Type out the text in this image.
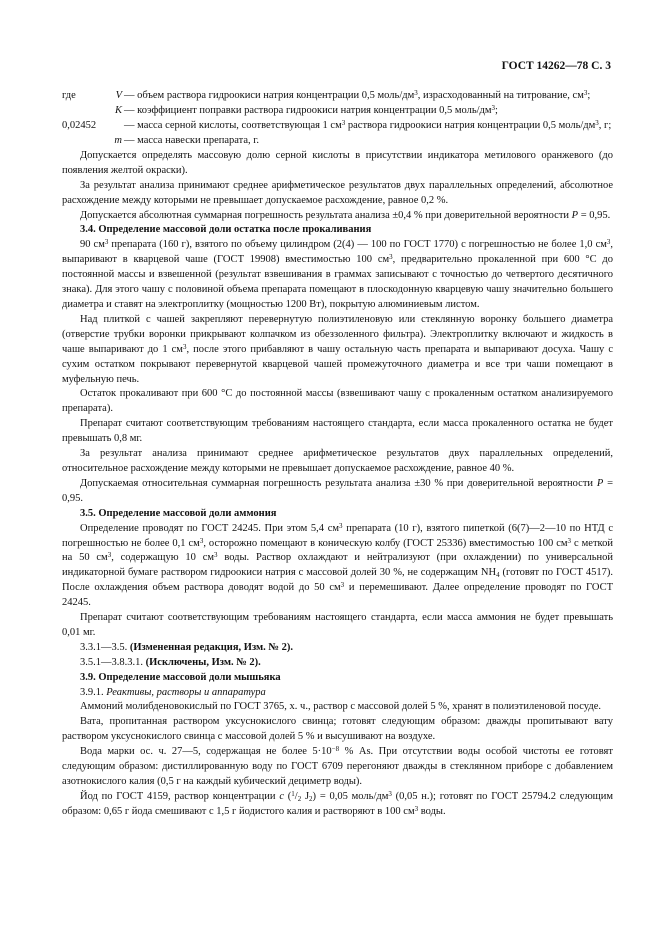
ГОСТ 14262—78 С. 3
где	V	— объем раствора гидроокиси натрия концентрации 0,5 моль/$дм^3$, израсходованный на титрование, $см^3$;
	K	— коэффициент поправки раствора гидроокиси натрия концентрации 0,5 моль/$дм^3$;
0,02452		— масса серной кислоты, соответствующая 1 $см^3$ раствора гидроокиси натрия концентрации 0,5 моль/$дм^3$, г;
	m	— масса навески препарата, г.

Допускается определять массовую долю серной кислоты в присутствии индикатора метилового оранжевого (до появления желтой окраски).

За результат анализа принимают среднее арифметическое результатов двух параллельных определений, абсолютное расхождение между которыми не превышает допускаемое расхождение, равное 0,2 %.

Допускается абсолютная суммарная погрешность результата анализа ±0,4 % при доверительной вероятности P = 0,95.

3.4. Определение массовой доли остатка после прокаливания

90 $см^3$ препарата (160 г), взятого по объему цилиндром (2(4) — 100 по ГОСТ 1770) с погрешностью не более 1,0 $см^3$, выпаривают в кварцевой чаше (ГОСТ 19908) вместимостью 100 $см^3$, предварительно прокаленной при 600 °С до постоянной массы и взвешенной (результат взвешивания в граммах записывают с точностью до четвертого десятичного знака). Для этого чашу с половиной объема препарата помещают в плоскодонную кварцевую чашу значительно большего диаметра и ставят на электроплитку (мощностью 1200 Вт), покрытую алюминиевым листом.

Над плиткой с чашей закрепляют перевернутую полиэтиленовую или стеклянную воронку большего диаметра (отверстие трубки воронки прикрывают колпачком из обеззоленного фильтра). Электроплитку включают и жидкость в чаше выпаривают до 1 $см^3$, после этого прибавляют в чашу остальную часть препарата и выпаривают досуха. Чашу с сухим остатком покрывают перевернутой кварцевой чашей промежуточного диаметра и все три чаши помещают в муфельную печь.

Остаток прокаливают при 600 °С до постоянной массы (взвешивают чашу с прокаленным остатком анализируемого препарата).

Препарат считают соответствующим требованиям настоящего стандарта, если масса прокаленного остатка не будет превышать 0,8 мг.

За результат анализа принимают среднее арифметическое результатов двух параллельных определений, относительное расхождение между которыми не превышает допускаемое расхождение, равное 40 %.

Допускаемая относительная суммарная погрешность результата анализа ±30 % при доверительной вероятности P = 0,95.

3.5. Определение массовой доли аммония

Определение проводят по ГОСТ 24245. При этом 5,4 $см^3$ препарата (10 г), взятого пипеткой (6(7)—2—10 по НТД с погрешностью не более 0,1 $см^3$, осторожно помещают в коническую колбу (ГОСТ 25336) вместимостью 100 $см^3$ с меткой на 50 $см^3$, содержащую 10 $см^3$ воды. Раствор охлаждают и нейтрализуют (при охлаждении) по универсальной индикаторной бумаге раствором гидроокиси натрия с массовой долей 30 %, не содержащим $NH_4$ (готовят по ГОСТ 4517). После охлаждения объем раствора доводят водой до 50 $см^3$ и перемешивают. Далее определение проводят по ГОСТ 24245.

Препарат считают соответствующим требованиям настоящего стандарта, если масса аммония не будет превышать 0,01 мг.

3.3.1—3.5. (Измененная редакция, Изм. № 2).

3.5.1—3.8.3.1. (Исключены, Изм. № 2).

3.9. Определение массовой доли мышьяка

3.9.1. Реактивы, растворы и аппаратура

Аммоний молибденовокислый по ГОСТ 3765, х. ч., раствор с массовой долей 5 %, хранят в полиэтиленовой посуде.

Вата, пропитанная раствором уксуснокислого свинца; готовят следующим образом: дважды пропитывают вату раствором уксуснокислого свинца с массовой долей 5 % и высушивают на воздухе.

Вода марки ос. ч. 27—5, содержащая не более $5\cdot 10^{-8}$ % As. При отсутствии воды особой чистоты ее готовят следующим образом: дистиллированную воду по ГОСТ 6709 перегоняют дважды в стеклянном приборе с добавлением азотнокислого калия (0,5 г на каждый кубический дециметр воды).

Йод по ГОСТ 4159, раствор концентрации c ($^1/_2$ $J_2) = 0,05$ моль/$дм^3$ (0,05 н.); готовят по ГОСТ 25794.2 следующим образом: 0,65 г йода смешивают с 1,5 г йодистого калия и растворяют в 100 $см^3$ воды.
